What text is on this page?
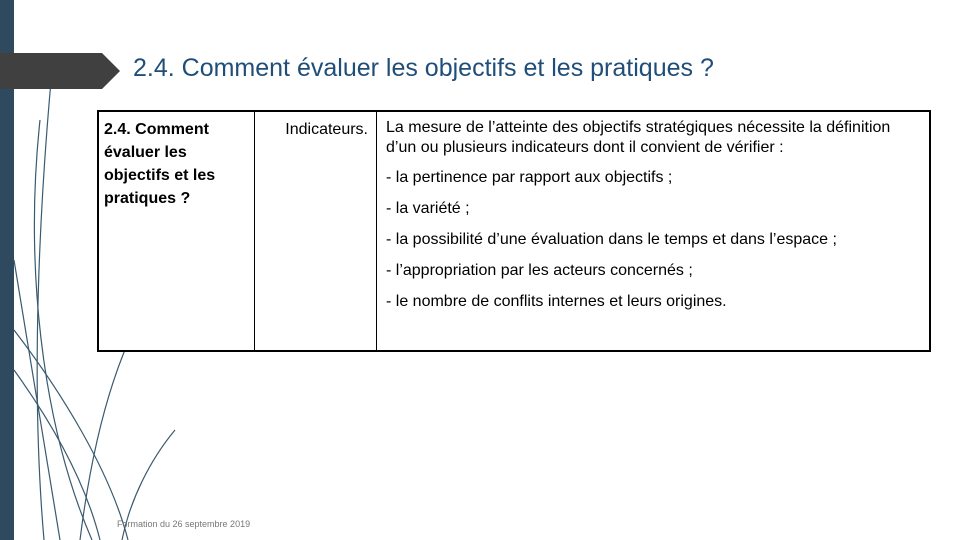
2.4. Comment évaluer les objectifs et les pratiques ?
2.4. Comment évaluer les objectifs et les pratiques ?	Indicateurs.	La mesure de l’atteinte des objectifs stratégiques nécessite la définition d’un ou plusieurs indicateurs dont il convient de vérifier :

- la pertinence par rapport aux objectifs ;
- la variété ;
- la possibilité d’une évaluation dans le temps et dans l’espace ;
- l’appropriation par les acteurs concernés ;
- le nombre de conflits internes et leurs origines.
Formation du 26 septembre 2019
